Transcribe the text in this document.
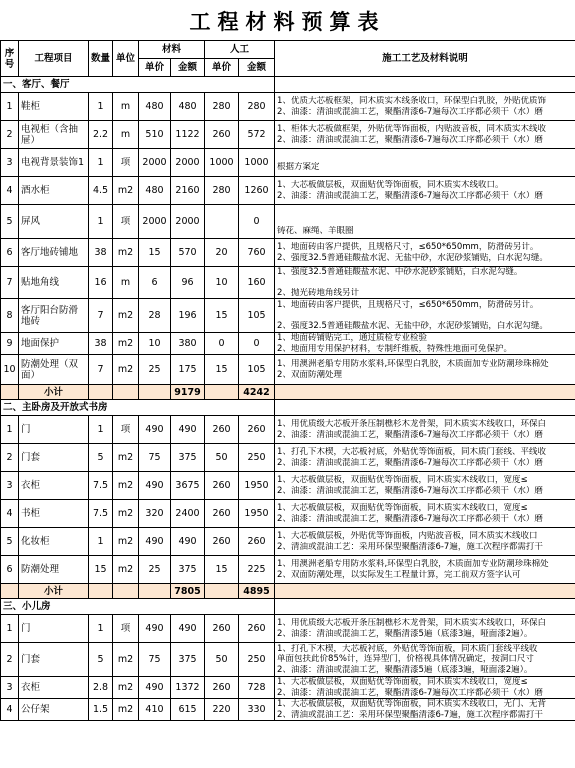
工程材料预算表
序号	工程项目	数量	单位	材料		人工		施工工艺及材料说明
				单价	金额	单价	金额	
一、客厅、餐厅								
1	鞋柜	1	m	480	480	280	280	1、优质大芯板框架，同木质实木线条收口，环保型白乳胶，外贴优质饰
2、油漆：清油或混油工艺，聚酯清漆6-7遍每次工序都必须干（水）磨

2	电视柜（含抽屉）	2.2	m	510	1122	260	572	1、柜体大芯板做框架，外贴优等饰面板，内贴波音板，同木质实木线收
2、油漆：清油或混油工艺，聚酯清漆6-7遍每次工序都必须干（水）磨

3	电视背景装饰1	1	项	2000	2000	1000	1000	根据方案定

4	酒水柜	4.5	m2	480	2160	280	1260	1、大芯板做层板，双面贴优等饰面板，同木质实木线收口。
2、油漆：清油或混油工艺，聚酯清漆6-7遍每次工序都必须干（水）磨

5	屏风	1	项	2000	2000		0	铸花、麻绳、羊眼圈

6	客厅地砖铺地	38	m2	15	570	20	760	1、地面砖由客户提供，且规格尺寸，≤650*650mm，防滑砖另计。
2、强度32.5普通硅酸盐水泥、无盐中砂，水泥砂浆铺贴，白水泥勾缝。

7	贴地角线	16	m	6	96	10	160	1、强度32.5普通硅酸盐水泥、中砂水泥砂浆铺贴，白水泥勾缝。
2、抛光砖地角线另计

8	客厅阳台防滑地砖	7	m2	28	196	15	105	1、地面砖由客户提供，且规格尺寸，≤650*650mm，防滑砖另计。
2、强度32.5普通硅酸盐水泥、无盐中砂，水泥砂浆铺贴，白水泥勾缝。

9	地面保护	38	m2	10	380	0	0	1、地面砖铺贴完工，通过质检专业检验
2、地面用专用保护材料，专制纤维板，特殊性地面可免保护。

10	防潮处理（双面）	7	m2	25	175	15	105	1、用澳洲老船专用防水浆料,环保型白乳胶，木质面加专业防潮珍珠棉处
2、双面防潮处理

	小计				9179		4242	
二、主卧房及开放式书房								
1	门	1	项	490	490	260	260	1、用优质级大芯板开条压制樵杉木龙骨架，同木质实木线收口，环保白
2、油漆：清油或混油工艺，聚酯清漆6-7遍每次工序都必须干（水）磨

2	门套	5	m2	75	375	50	250	1、打孔下木楔，大芯板衬底，外贴优等饰面板，同木质门套线、平线收
2、油漆：清油或混油工艺，聚酯清漆6-7遍每次工序都必须干（水）磨

3	衣柜	7.5	m2	490	3675	260	1950	1、大芯板做层板，双面贴优等饰面板，同木质实木线收口，宽度≤
2、油漆：清油或混油工艺，聚酯清漆6-7遍每次工序都必须干（水）磨

4	书柜	7.5	m2	320	2400	260	1950	1、大芯板做层板，双面贴优等饰面板，同木质实木线收口，宽度≤
2、油漆：清油或混油工艺，聚酯清漆6-7遍每次工序都必须干（水）磨

5	化妆柜	1	m2	490	490	260	260	1、大芯板做层板，外贴优等饰面板，内贴波音板，同木质实木线收口
2、清油或混油工艺：采用环保型聚酯清漆6-7遍，施工次程序都需打干

6	防潮处理	15	m2	25	375	15	225	1、用澳洲老船专用防水浆料,环保型白乳胶，木质面加专业防潮珍珠棉处
2、双面防潮处理，以实际发生工程量计算，完工前双方签字认可

	小计				7805		4895	
三、小儿房								
1	门	1	项	490	490	260	260	1、用优质级大芯板开条压制樵杉木龙骨架，同木质实木线收口，环保白
2、油漆：清油或混油工艺，聚酯清漆5遍（底漆3遍，哑面漆2遍）。

2	门套	5	m2	75	375	50	250	1、打孔下木楔，大芯板衬底，外贴优等饰面板，同木质门套线平线收
单面包扶此价85%计，连异型门，价格视具体情况确定，按洞口尺寸
2、油漆：清油或混油工艺，聚酯清漆5遍（底漆3遍，哑面漆2遍）。

3	衣柜	2.8	m2	490	1372	260	728	1、大芯板做层板，双面贴优等饰面板，同木质实木线收口，宽度≤
2、油漆：清油或混油工艺，聚酯清漆6-7遍每次工序都必须干（水）磨

4	公仔架	1.5	m2	410	615	220	330	1、大芯板做层板，双面贴优等饰面板，同木质实木线收口，无门、无背
2、清油或混油工艺：采用环保型聚酯清漆6-7遍，施工次程序都需打干
